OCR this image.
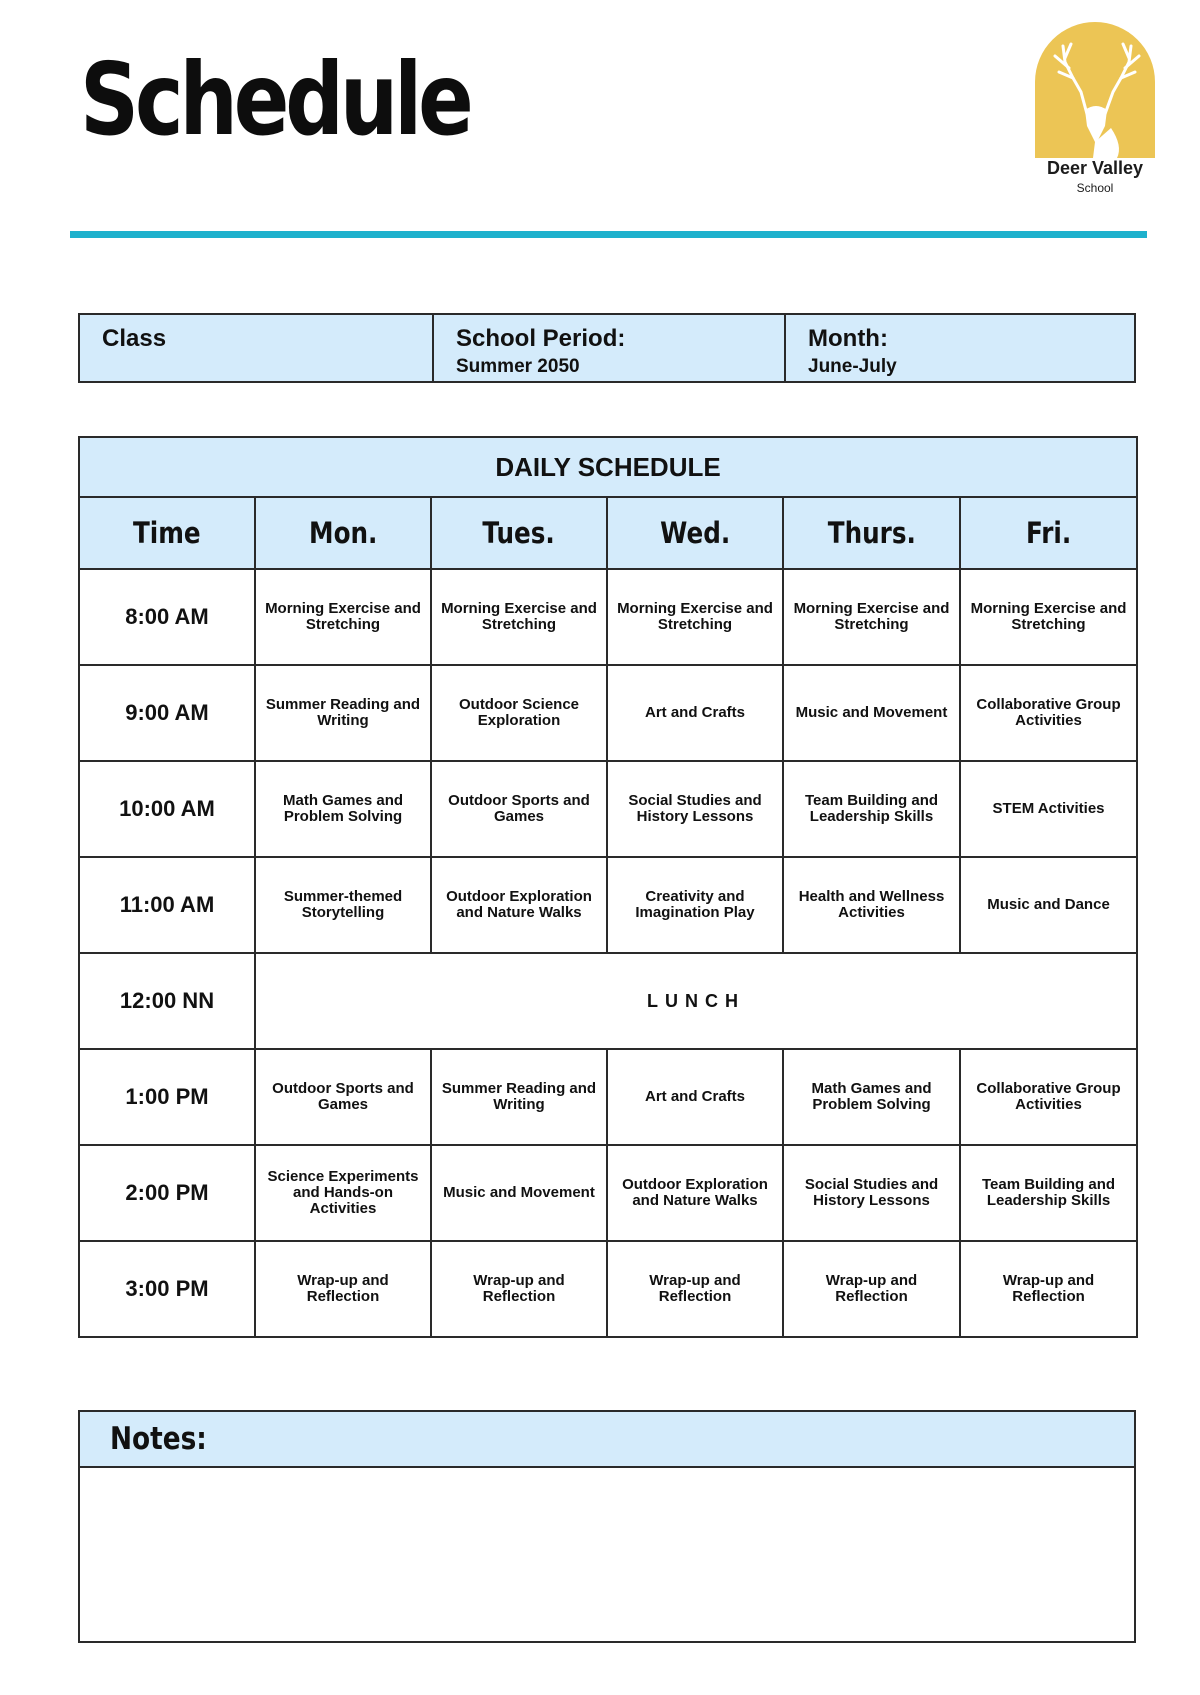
Schedule
Deer Valley
School
Class	School Period:
Summer 2050
Month:
June-July
DAILY SCHEDULE					
Time	Mon.	Tues.	Wed.	Thurs.	Fri.
8:00 AM	Morning Exercise and Stretching	Morning Exercise and Stretching	Morning Exercise and Stretching	Morning Exercise and Stretching	Morning Exercise and Stretching
9:00 AM	Summer Reading and Writing	Outdoor Science Exploration	Art and Crafts	Music and Movement	Collaborative Group Activities
10:00 AM	Math Games and Problem Solving	Outdoor Sports and Games	Social Studies and History Lessons	Team Building and Leadership Skills	STEM Activities
11:00 AM	Summer-themed Storytelling	Outdoor Exploration and Nature Walks	Creativity and Imagination Play	Health and Wellness Activities	Music and Dance
12:00 NN	LUNCH				
1:00 PM	Outdoor Sports and Games	Summer Reading and Writing	Art and Crafts	Math Games and Problem Solving	Collaborative Group Activities
2:00 PM	Science Experiments and Hands-on Activities	Music and Movement	Outdoor Exploration and Nature Walks	Social Studies and History Lessons	Team Building and Leadership Skills
3:00 PM	Wrap-up and Reflection	Wrap-up and Reflection	Wrap-up and Reflection	Wrap-up and Reflection	Wrap-up and Reflection
Notes:
